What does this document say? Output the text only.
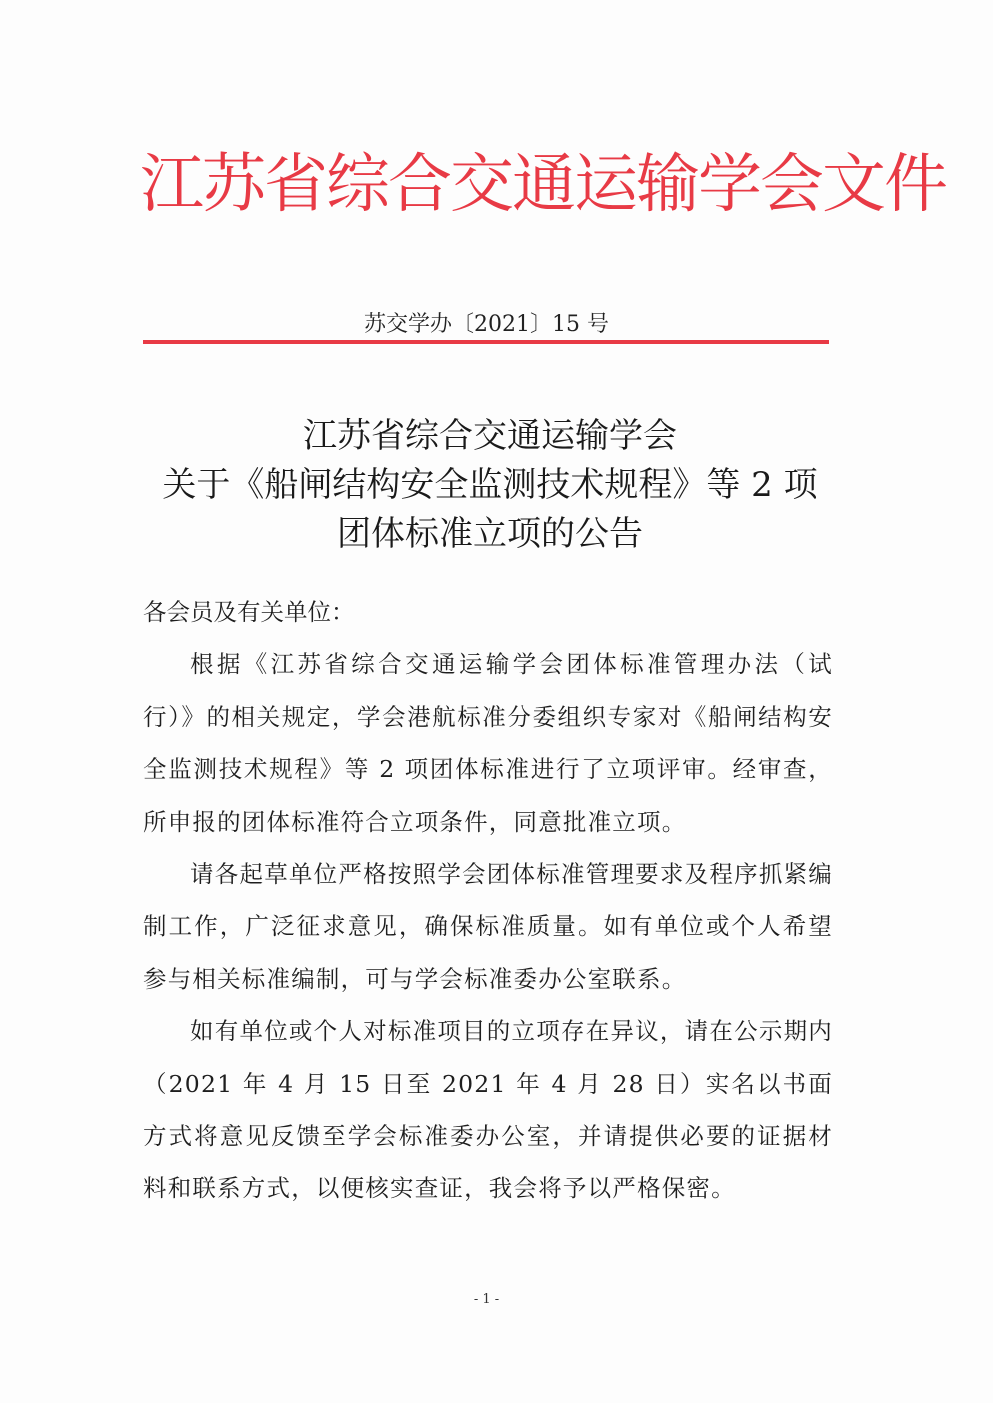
江苏省综合交通运输学会文件
苏交学办〔2021〕15 号
江苏省综合交通运输学会
关于《船闸结构安全监测技术规程》等 2 项
团体标准立项的公告

各会员及有关单位：

根据《江苏省综合交通运输学会团体标准管理办法（试行）》的相关规定，学会港航标准分委组织专家对《船闸结构安全监测技术规程》等 2 项团体标准进行了立项评审。经审查，所申报的团体标准符合立项条件，同意批准立项。

请各起草单位严格按照学会团体标准管理要求及程序抓紧编制工作，广泛征求意见，确保标准质量。如有单位或个人希望参与相关标准编制，可与学会标准委办公室联系。

如有单位或个人对标准项目的立项存在异议，请在公示期内（2021 年 4 月 15 日至 2021 年 4 月 28 日）实名以书面方式将意见反馈至学会标准委办公室，并请提供必要的证据材料和联系方式，以便核实查证，我会将予以严格保密。

- 1 -
